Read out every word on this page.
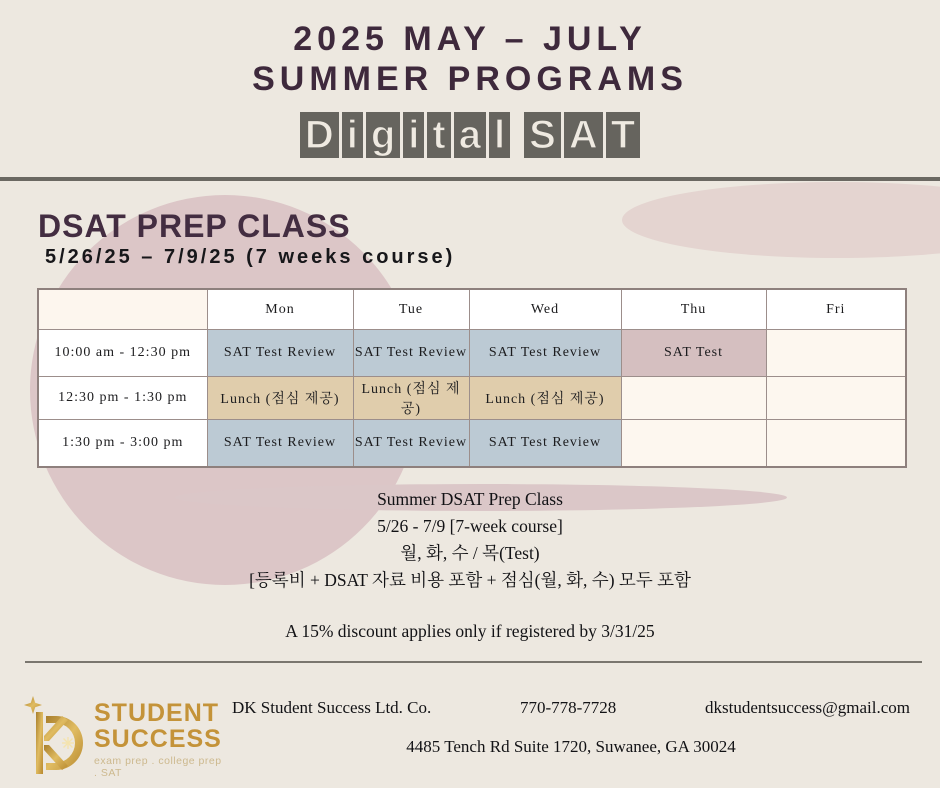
2025 MAY – JULY
SUMMER PROGRAMS
D i g i t a l S A T
DSAT PREP CLASS
5/26/25 – 7/9/25 (7 weeks course)
	Mon	Tue	Wed	Thu	Fri
10:00 am - 12:30 pm	SAT Test Review	SAT Test Review	SAT Test Review	SAT Test	
12:30 pm - 1:30 pm	Lunch (점심 제공)	Lunch (점심 제공)	Lunch (점심 제공)		
1:30 pm - 3:00 pm	SAT Test Review	SAT Test Review	SAT Test Review		
Summer DSAT Prep Class
5/26 - 7/9 [7-week course]
월, 화, 수 / 목(Test)
[등록비 + DSAT 자료 비용 포함 + 점심(월, 화, 수) 모두 포함
A 15% discount applies only if registered by 3/31/25
STUDENT
SUCCESS
exam prep . college prep . SAT
DK Student Success Ltd. Co.	770-778-7728	dkstudentsuccess@gmail.com
4485 Tench Rd Suite 1720, Suwanee, GA 30024
